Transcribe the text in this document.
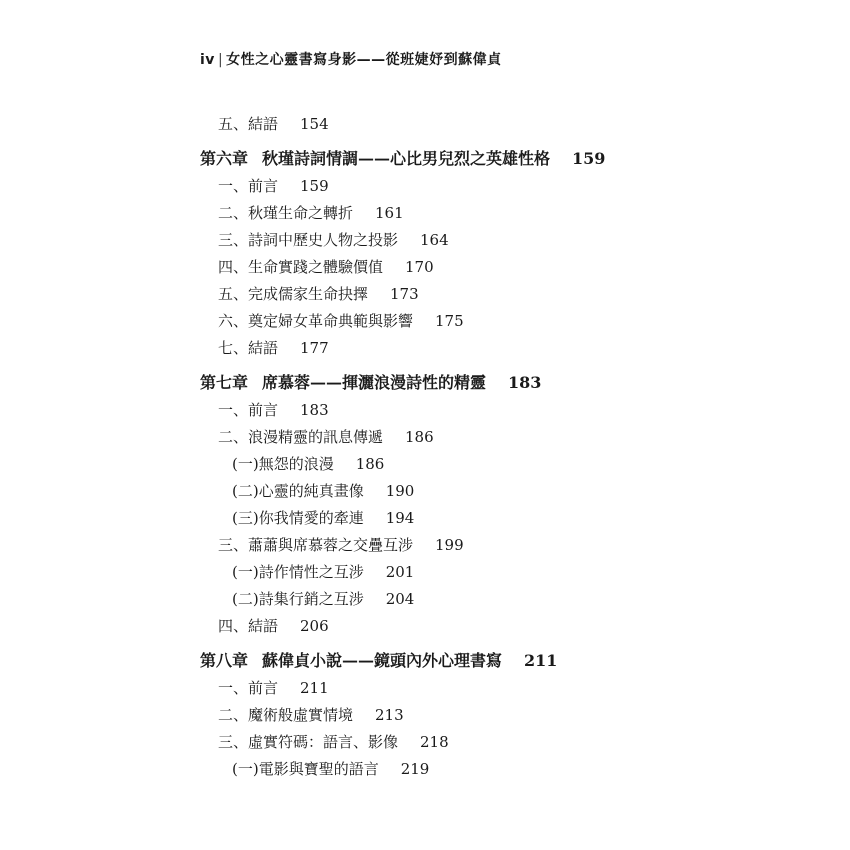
iv | 女性之心靈書寫身影——從班婕妤到蘇偉貞
五、結語 154
第六章 秋瑾詩詞情調——心比男兒烈之英雄性格 159
一、前言 159
二、秋瑾生命之轉折 161
三、詩詞中歷史人物之投影 164
四、生命實踐之體驗價值 170
五、完成儒家生命抉擇 173
六、奠定婦女革命典範與影響 175
七、結語 177
第七章 席慕蓉——揮灑浪漫詩性的精靈 183
一、前言 183
二、浪漫精靈的訊息傳遞 186
(一)無怨的浪漫 186
(二)心靈的純真畫像 190
(三)你我情愛的牽連 194
三、蕭蕭與席慕蓉之交疊互涉 199
(一)詩作情性之互涉 201
(二)詩集行銷之互涉 204
四、結語 206
第八章 蘇偉貞小說——鏡頭內外心理書寫 211
一、前言 211
二、魔術般虛實情境 213
三、虛實符碼：語言、影像 218
(一)電影與寶聖的語言 219
